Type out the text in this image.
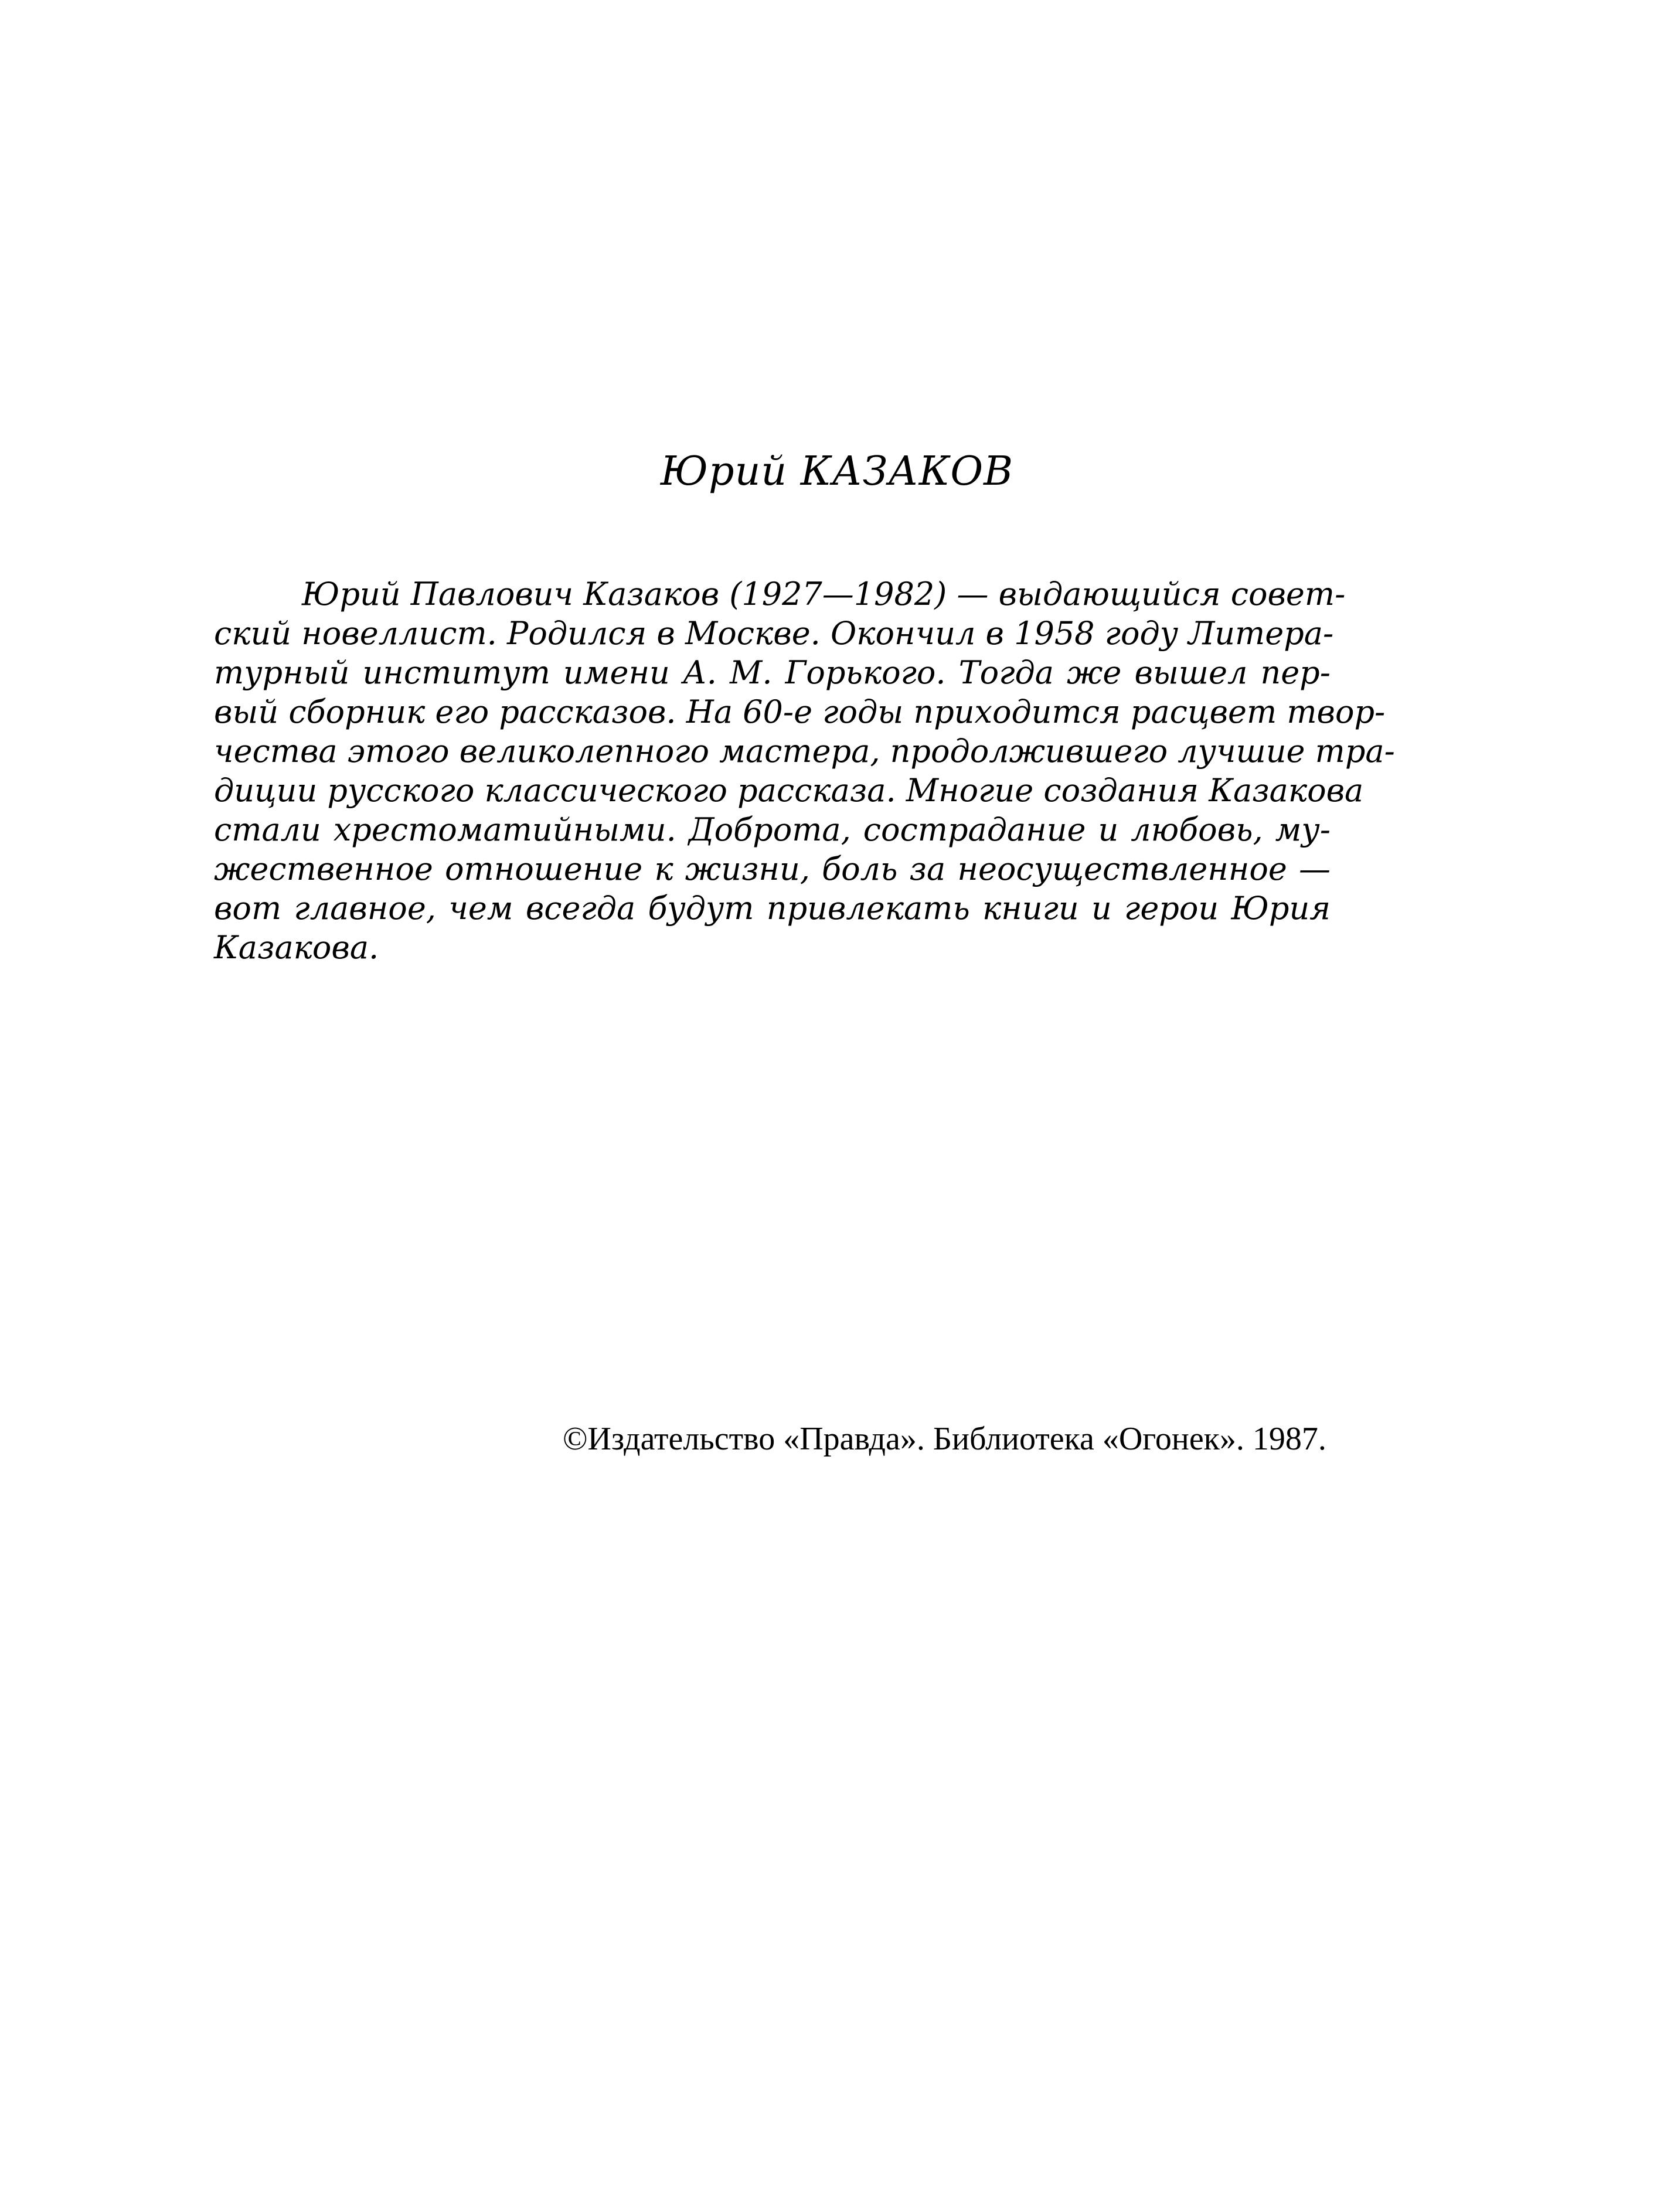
Юрий КАЗАКОВ
Юрий Павлович Казаков (1927—1982) — выдающийся совет-
ский новеллист. Родился в Москве. Окончил в 1958 году Литера-
турный институт имени А. М. Горького. Тогда же вышел пер-
вый сборник его рассказов. На 60-е годы приходится расцвет твор-
чества этого великолепного мастера, продолжившего лучшие тра-
диции русского классического рассказа. Многие создания Казакова
стали хрестоматийными. Доброта, сострадание и любовь, му-
жественное отношение к жизни, боль за неосуществленное —
вот главное, чем всегда будут привлекать книги и герои Юрия
Казакова.

©Издательство «Правда». Библиотека «Огонек». 1987.
